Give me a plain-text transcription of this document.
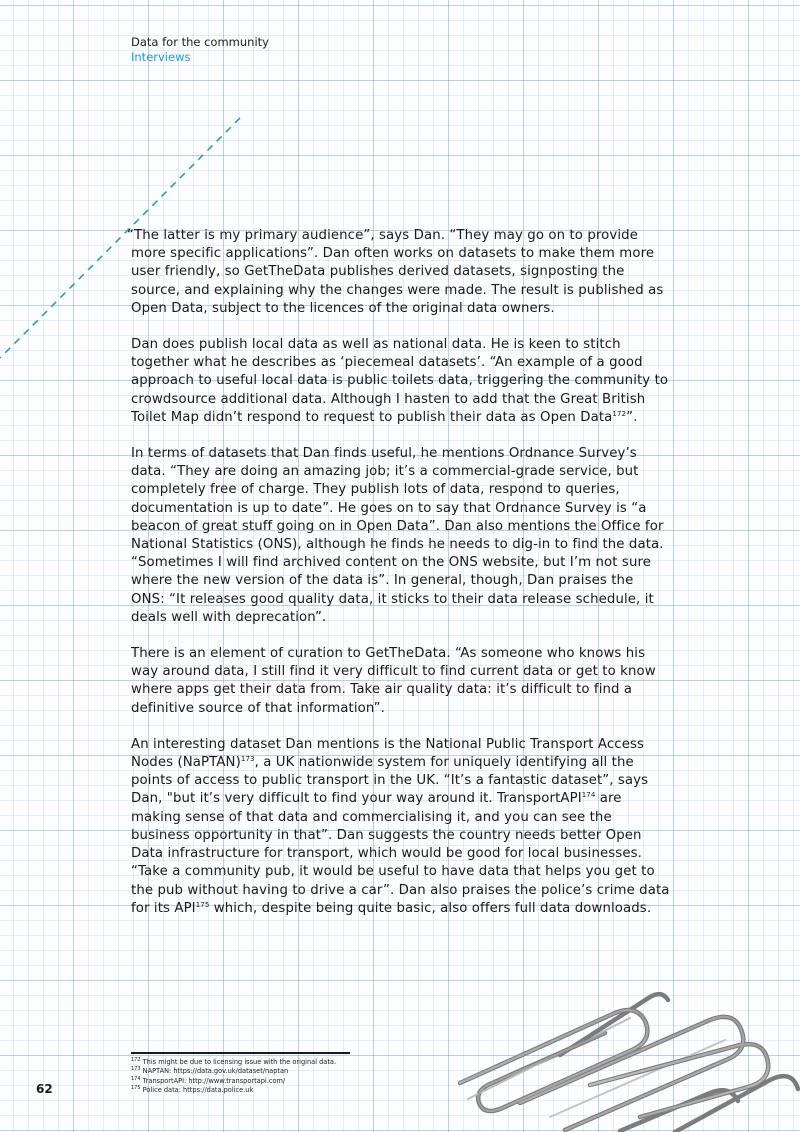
Data for the community
Interviews

“The latter is my primary audience”, says Dan. “They may go on to provide more specific applications”. Dan often works on datasets to make them more user friendly, so GetTheData publishes derived datasets, signposting the source, and explaining why the changes were made. The result is published as Open Data, subject to the licences of the original data owners.

Dan does publish local data as well as national data. He is keen to stitch together what he describes as ‘piecemeal datasets’. “An example of a good approach to useful local data is public toilets data, triggering the community to crowdsource additional data. Although I hasten to add that the Great British Toilet Map didn’t respond to request to publish their data as Open Data$^{172}$”.

In terms of datasets that Dan finds useful, he mentions Ordnance Survey’s data. “They are doing an amazing job; it’s a commercial-grade service, but completely free of charge. They publish lots of data, respond to queries, documentation is up to date”. He goes on to say that Ordnance Survey is “a beacon of great stuff going on in Open Data”. Dan also mentions the Office for National Statistics (ONS), although he finds he needs to dig-in to find the data. “Sometimes I will find archived content on the ONS website, but I’m not sure where the new version of the data is”. In general, though, Dan praises the ONS: “It releases good quality data, it sticks to their data release schedule, it deals well with deprecation”.

There is an element of curation to GetTheData. “As someone who knows his way around data, I still find it very difficult to find current data or get to know where apps get their data from. Take air quality data: it’s difficult to find a definitive source of that information”.

An interesting dataset Dan mentions is the National Public Transport Access Nodes (NaPTAN)$^{173}$, a UK nationwide system for uniquely identifying all the points of access to public transport in the UK. “It’s a fantastic dataset”, says Dan, "but it’s very difficult to find your way around it. TransportAPI$^{174}$ are making sense of that data and commercialising it, and you can see the business opportunity in that”. Dan suggests the country needs better Open Data infrastructure for transport, which would be good for local businesses. “Take a community pub, it would be useful to have data that helps you get to the pub without having to drive a car”. Dan also praises the police’s crime data for its API$^{175}$ which, despite being quite basic, also offers full data downloads.

$^{172}$ This might be due to licensing issue with the original data.
$^{173}$ NAPTAN: https://data.gov.uk/dataset/naptan
$^{174}$ TransportAPI: http://www.transportapi.com/
$^{175}$ Police data: https://data.police.uk
62
